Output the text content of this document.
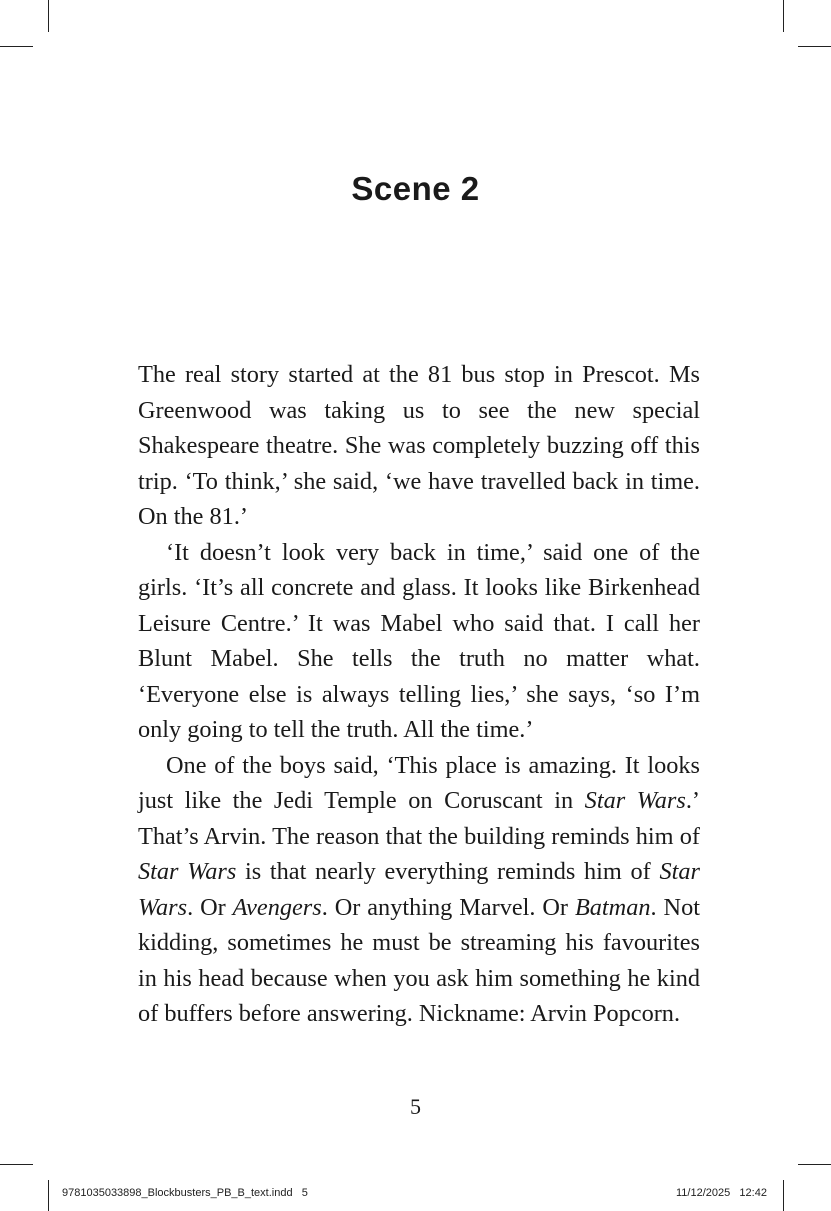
Scene 2

The real story started at the 81 bus stop in Prescot. Ms Greenwood was taking us to see the new special Shakespeare theatre. She was completely buzzing off this trip. ‘To think,’ she said, ‘we have travelled back in time. On the 81.’

‘It doesn’t look very back in time,’ said one of the girls. ‘It’s all concrete and glass. It looks like Birkenhead Leisure Centre.’ It was Mabel who said that. I call her Blunt Mabel. She tells the truth no matter what. ‘Everyone else is always telling lies,’ she says, ‘so I’m only going to tell the truth. All the time.’

One of the boys said, ‘This place is amazing. It looks just like the Jedi Temple on Coruscant in Star Wars.’ That’s Arvin. The reason that the building reminds him of Star Wars is that nearly everything reminds him of Star Wars. Or Avengers. Or anything Marvel. Or Batman. Not kidding, sometimes he must be streaming his favourites in his head because when you ask him something he kind of buffers before answering. Nickname: Arvin Popcorn.

5
9781035033898_Blockbusters_PB_B_text.indd   5	11/12/2025   12:42
